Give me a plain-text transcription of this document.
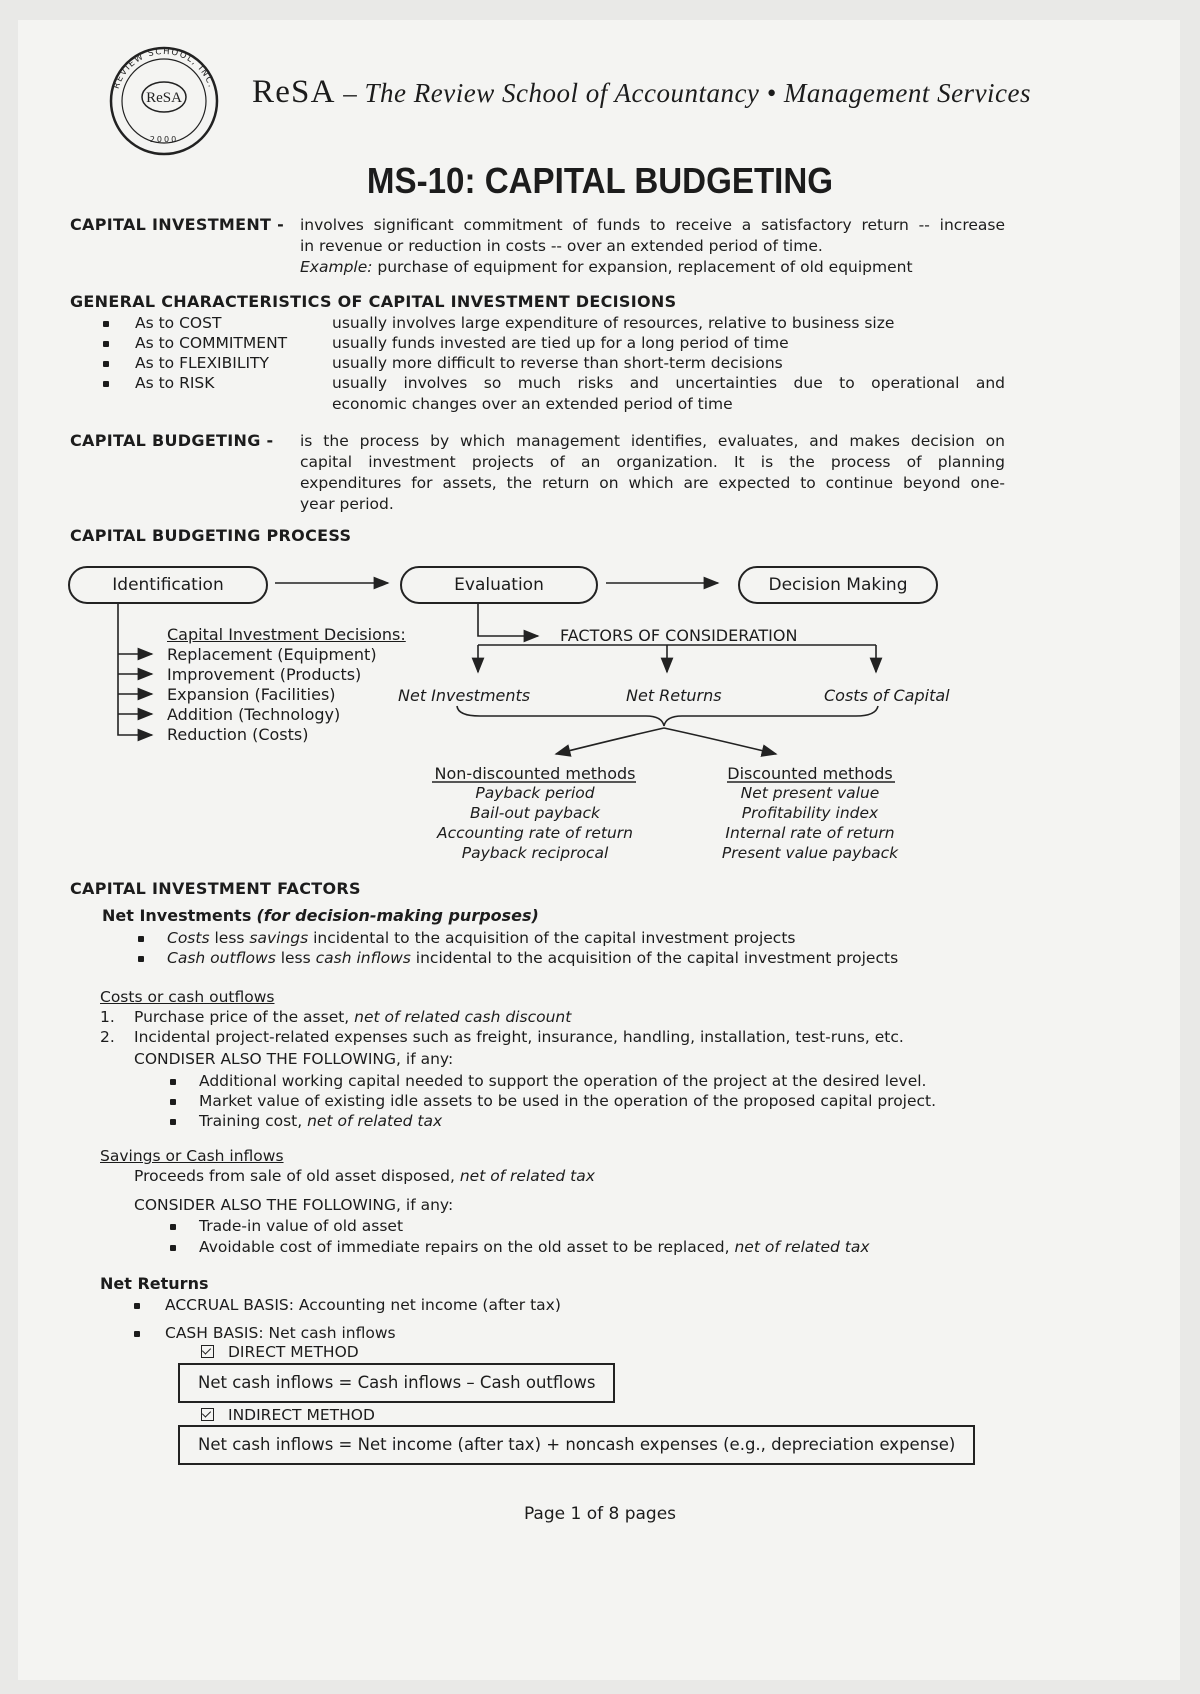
REVIEW SCHOOL, INC.
ReSA
2000
ReSA – The Review School of Accountancy • Management Services
MS-10: CAPITAL BUDGETING
CAPITAL INVESTMENT - involves significant commitment of funds to receive a satisfactory return -- increase
in revenue or reduction in costs -- over an extended period of time.
Example: purchase of equipment for expansion, replacement of old equipment
GENERAL CHARACTERISTICS OF CAPITAL INVESTMENT DECISIONS
As to COST	usually involves large expenditure of resources, relative to business size
As to COMMITMENT	usually funds invested are tied up for a long period of time
As to FLEXIBILITY	usually more difficult to reverse than short-term decisions
As to RISK	usually involves so much risks and uncertainties due to operational and
economic changes over an extended period of time
CAPITAL BUDGETING - is the process by which management identifies, evaluates, and makes decision on
capital investment projects of an organization. It is the process of planning
expenditures for assets, the return on which are expected to continue beyond one-
year period.
CAPITAL BUDGETING PROCESS
Identification	Evaluation	Decision Making
Capital Investment Decisions:
Replacement (Equipment)
Improvement (Products)
Expansion (Facilities)
Addition (Technology)
Reduction (Costs)
FACTORS OF CONSIDERATION
Net Investments	Net Returns	Costs of Capital
Non-discounted methods
Payback period
Bail-out payback
Accounting rate of return
Payback reciprocal
Discounted methods
Net present value
Profitability index
Internal rate of return
Present value payback
CAPITAL INVESTMENT FACTORS
Net Investments (for decision-making purposes)
Costs less savings incidental to the acquisition of the capital investment projects
Cash outflows less cash inflows incidental to the acquisition of the capital investment projects
Costs or cash outflows
1. Purchase price of the asset, net of related cash discount
2. Incidental project-related expenses such as freight, insurance, handling, installation, test-runs, etc.
CONDISER ALSO THE FOLLOWING, if any:
Additional working capital needed to support the operation of the project at the desired level.
Market value of existing idle assets to be used in the operation of the proposed capital project.
Training cost, net of related tax
Savings or Cash inflows
Proceeds from sale of old asset disposed, net of related tax
CONSIDER ALSO THE FOLLOWING, if any:
Trade-in value of old asset
Avoidable cost of immediate repairs on the old asset to be replaced, net of related tax
Net Returns
ACCRUAL BASIS: Accounting net income (after tax)
CASH BASIS: Net cash inflows
DIRECT METHOD
Net cash inflows = Cash inflows – Cash outflows
INDIRECT METHOD
Net cash inflows = Net income (after tax) + noncash expenses (e.g., depreciation expense)
Page 1 of 8 pages
